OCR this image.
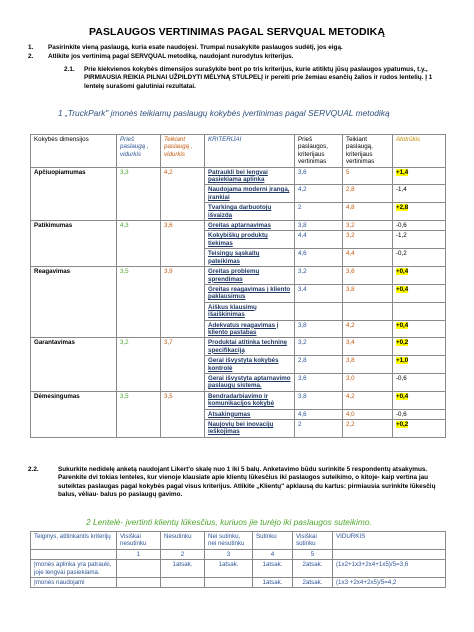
PASLAUGOS VERTINIMAS PAGAL SERVQUAL METODIKĄ
1. Pasirinkite vieną paslaugą, kuria esate naudojęsi. Trumpai nusakykite paslaugos sudėtį, jos eigą.
2. Atlikite jos vertinimą pagal SERVQUAL metodiką, naudojant nurodytus kriterijus.
2.1. Prie kiekvienos kokybės dimensijos surašykite bent po tris kriterijus, kurie atitiktų jūsų paslaugos ypatumus, t.y., PIRMIAUSIA REIKIA PILNAI UŽPILDYTI MĖLYNĄ STULPELĮ ir pereiti prie žemiau esančių žalios ir rudos lentelių. Į 1 lentelę surašomi galutiniai rezultatai.
1 „TruckPark" įmonės teikiamų paslaugų kokybės įvertinimas pagal SERVQUAL metodiką
Kokybės dimensijos	Prieš paslaugą , vidurkis	Teikiant paslaugą , vidurkis	KRITERIJAI	Prieš paslaugos, kriterijaus vertinimas	Teikiant paslaugą, kriterijaus vertinimas	Atotrūkis
Apčiuopiamumas	3,3	4,2	Patraukli bei lengvai pasiekiama aplinka	3,6	5	+1,4
			Naudojama moderni įranga, įrankiai	4,2	2,8	-1,4
			Tvarkinga darbuotojų išvaizda	2	4,8	+2,8
Patikimumas	4,3	3,6	Greitas aptarnavimas	3,8	3,2	-0,6
			Kokybiškų produktų tiekimas	4,4	3,2	-1,2
			Teisingų sąskaitų pateikimas	4,6	4,4	-0,2
Reagavimas	3,5	3,9	Greitas problemų sprendimas	3,2	3,6	+0,4
			Greitas reagavimas į kliento paklausimus	3,4	3,8	+0,4
			Aiškus klausimų išaiškinimas			
			Adekvatus reagavimas į kliento pastabas	3,8	4,2	+0,4
Garantavimas	3,2	3,7	Produktai atitinka techninę specifikaciją	3,2	3,4	+0,2
			Gerai išvystyta kokybės kontrolė	2,8	3,8	+1,0
			Gerai išvystyta aptarnavimo paslaugų sistema.	3,6	3,0	-0,6
Dėmesingumas	3,5	3,5	Bendradarbiavimo ir komunikacijos kokybė	3,8	4,2	+0,4
			Atsakingumas	4,6	4,0	-0,6
			Naujovių bei inovacijų ieškojimas	2	2,2	+0,2
2.2.	Sukurkite nedidelę anketą naudojant Likert'o skalę nuo 1 iki 5 balų. Anketavimo būdu surinkite 5 respondentų atsakymus. Parenkite dvi tokias lenteles, kur vienoje klausiate apie klientų lūkesčius iki paslaugos suteikimo, o kitoje- kaip vertina jau suteiktas paslaugas pagal kokybės pagal visus kriterijus. Atlikite „Klientų" apklausą du kartus: pirmiausia surinkite lūkesčių balus, vėliau- balus po paslaugų gavimo.
2 Lentelė- įvertinti klientų lūkesčius, kuriuos jie turėjo iki paslaugos suteikimo.
Teiginys, atitinkantis kriterijų	Visiškai nesutinku	Nesutinku	Nei sutinku, nei nesutinku	Sutinku	Visiškai sutinku	VIDURKIS
	1	2	3	4	5	
Įmonės aplinka yra patrauki, joje lengvai pasiekiama.		1atsak.	1atsak.	1atsak.	2atsak.	(1x2+1x3+2x4+1x5)/5=3,6
Įmonės naudojami				1atsak.	2atsak.	(1x3 +2x4+2x5)/5=4,2
